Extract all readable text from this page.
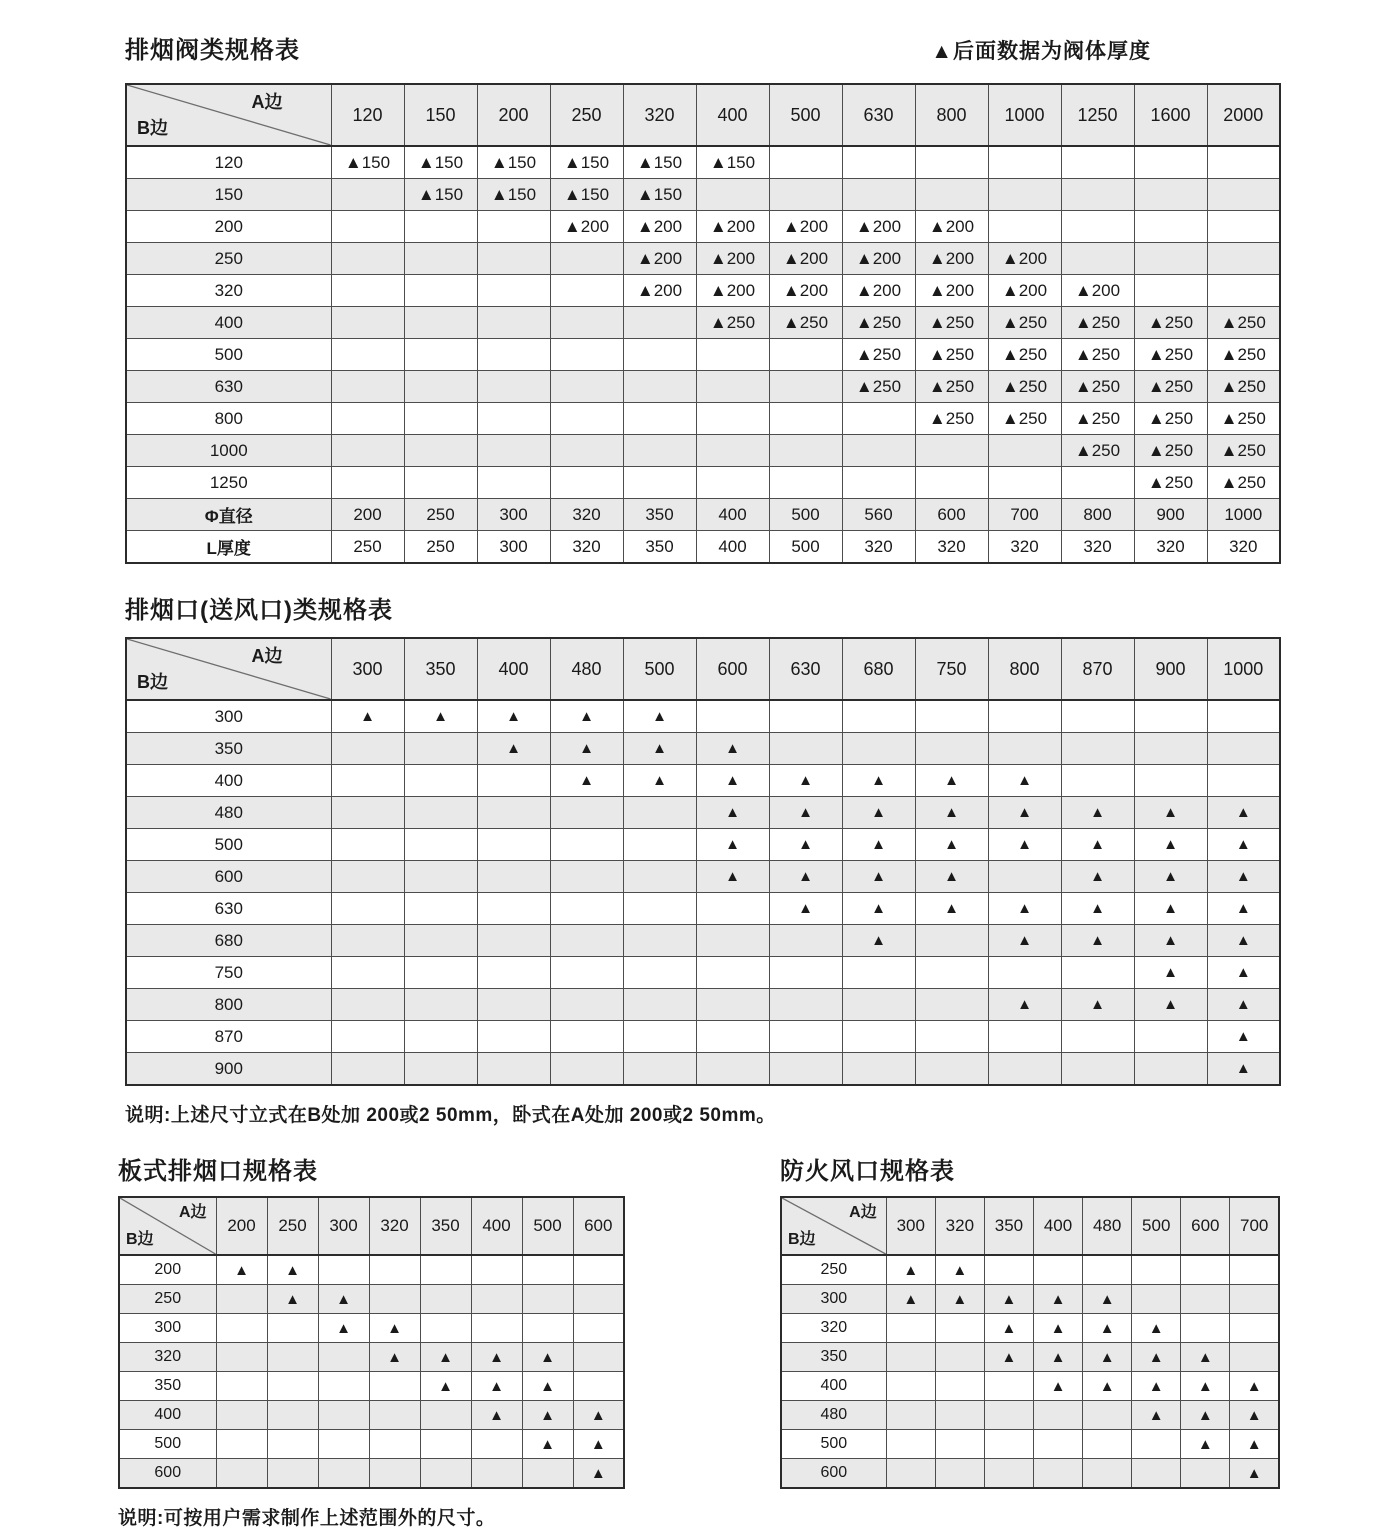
排烟阀类规格表	▲后面数据为阀体厚度
A边
B边	120	150	200	250	320	400	500	630	800	1000	1250	1600	2000
120	▲150	▲150	▲150	▲150	▲150	▲150							
150		▲150	▲150	▲150	▲150								
200				▲200	▲200	▲200	▲200	▲200	▲200				
250					▲200	▲200	▲200	▲200	▲200	▲200			
320					▲200	▲200	▲200	▲200	▲200	▲200	▲200		
400						▲250	▲250	▲250	▲250	▲250	▲250	▲250	▲250
500								▲250	▲250	▲250	▲250	▲250	▲250
630								▲250	▲250	▲250	▲250	▲250	▲250
800									▲250	▲250	▲250	▲250	▲250
1000											▲250	▲250	▲250
1250												▲250	▲250
Φ直径	200	250	300	320	350	400	500	560	600	700	800	900	1000
L厚度	250	250	300	320	350	400	500	320	320	320	320	320	320
排烟口(送风口)类规格表
A边
B边	300	350	400	480	500	600	630	680	750	800	870	900	1000
300	▲	▲	▲	▲	▲								
350			▲	▲	▲	▲							
400				▲	▲	▲	▲	▲	▲	▲			
480						▲	▲	▲	▲	▲	▲	▲	▲
500						▲	▲	▲	▲	▲	▲	▲	▲
600						▲	▲	▲	▲		▲	▲	▲
630							▲	▲	▲	▲	▲	▲	▲
680								▲		▲	▲	▲	▲
750												▲	▲
800										▲	▲	▲	▲
870													▲
900													▲

说明:上述尺寸立式在B处加 200或2 50mm，卧式在A处加 200或2 50mm。

板式排烟口规格表
A边
B边	200	250	300	320	350	400	500	600
200	▲	▲						
250		▲	▲					
300			▲	▲				
320				▲	▲	▲	▲	
350					▲	▲	▲	
400						▲	▲	▲
500							▲	▲
600								▲

说明:可按用户需求制作上述范围外的尺寸。

防火风口规格表
A边
B边	300	320	350	400	480	500	600	700
250	▲	▲						
300	▲	▲	▲	▲	▲			
320			▲	▲	▲	▲		
350			▲	▲	▲	▲	▲	
400				▲	▲	▲	▲	▲
480						▲	▲	▲
500							▲	▲
600								▲
